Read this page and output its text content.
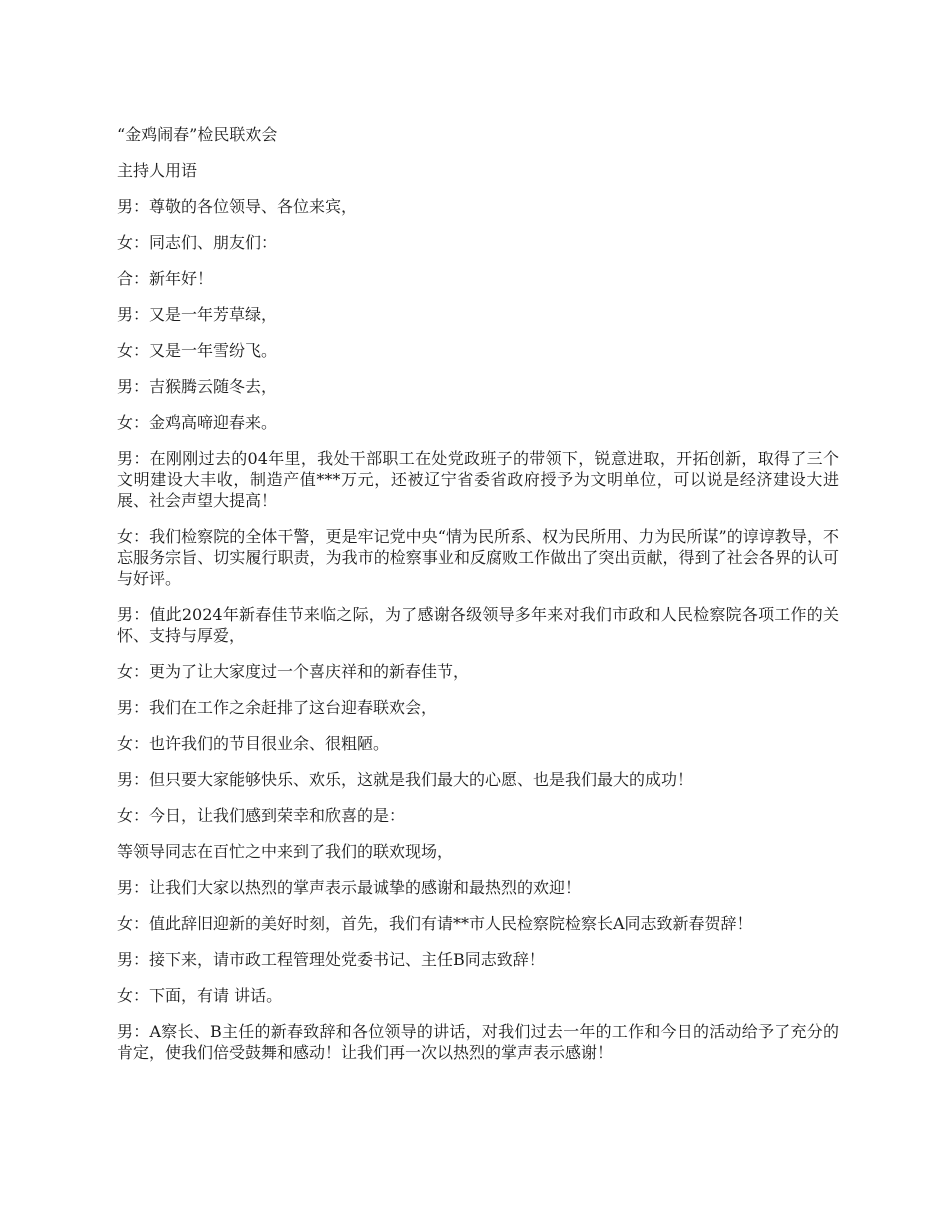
“金鸡闹春”检民联欢会

主持人用语

男：尊敬的各位领导、各位来宾，

女：同志们、朋友们：

合：新年好！

男：又是一年芳草绿，

女：又是一年雪纷飞。

男：吉猴腾云随冬去，

女：金鸡高啼迎春来。

男：在刚刚过去的04年里，我处干部职工在处党政班子的带领下，锐意进取，开拓创新，取得了三个文明建设大丰收，制造产值***万元，还被辽宁省委省政府授予为文明单位，可以说是经济建设大进展、社会声望大提高！

女：我们检察院的全体干警，更是牢记党中央“情为民所系、权为民所用、力为民所谋”的谆谆教导，不忘服务宗旨、切实履行职责，为我市的检察事业和反腐败工作做出了突出贡献，得到了社会各界的认可与好评。

男：值此2024年新春佳节来临之际，为了感谢各级领导多年来对我们市政和人民检察院各项工作的关怀、支持与厚爱，

女：更为了让大家度过一个喜庆祥和的新春佳节，

男：我们在工作之余赶排了这台迎春联欢会，

女：也许我们的节目很业余、很粗陋。

男：但只要大家能够快乐、欢乐，这就是我们最大的心愿、也是我们最大的成功！

女：今日，让我们感到荣幸和欣喜的是：

等领导同志在百忙之中来到了我们的联欢现场，

男：让我们大家以热烈的掌声表示最诚挚的感谢和最热烈的欢迎！

女：值此辞旧迎新的美好时刻，首先，我们有请**市人民检察院检察长A同志致新春贺辞！

男：接下来，请市政工程管理处党委书记、主任B同志致辞！

女：下面，有请 讲话。

男：A察长、B主任的新春致辞和各位领导的讲话，对我们过去一年的工作和今日的活动给予了充分的肯定，使我们倍受鼓舞和感动！让我们再一次以热烈的掌声表示感谢！
